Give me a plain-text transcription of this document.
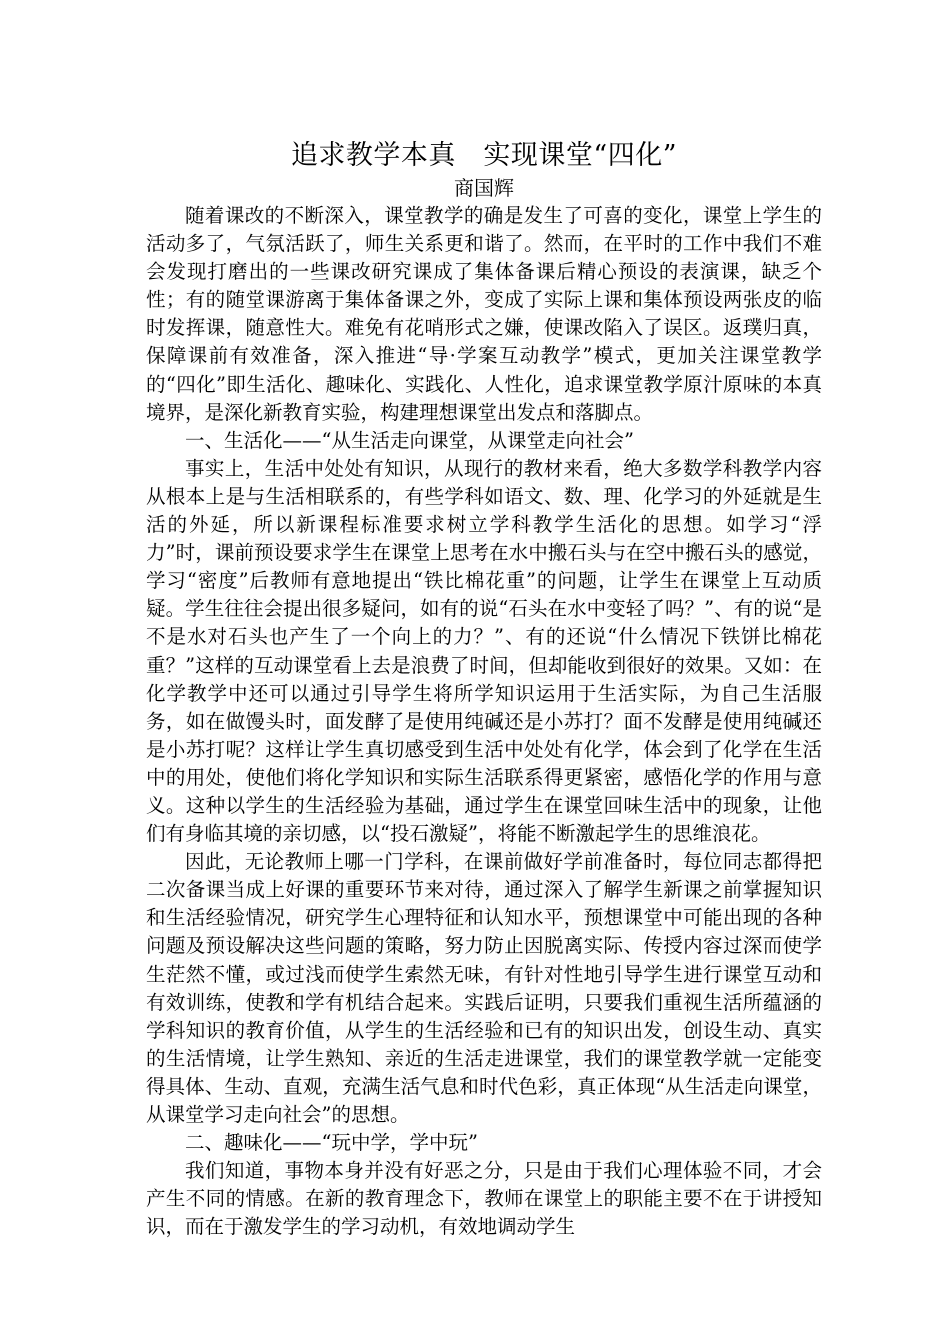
追求教学本真　实现课堂“四化”

商国辉

随着课改的不断深入，课堂教学的确是发生了可喜的变化，课堂上学生的活动多了，气氛活跃了，师生关系更和谐了。然而，在平时的工作中我们不难会发现打磨出的一些课改研究课成了集体备课后精心预设的表演课，缺乏个性；有的随堂课游离于集体备课之外，变成了实际上课和集体预设两张皮的临时发挥课，随意性大。难免有花哨形式之嫌，使课改陷入了误区。返璞归真，保障课前有效准备，深入推进“导·学案互动教学”模式，更加关注课堂教学的“四化”即生活化、趣味化、实践化、人性化，追求课堂教学原汁原味的本真境界，是深化新教育实验，构建理想课堂出发点和落脚点。

一、生活化——“从生活走向课堂，从课堂走向社会”

事实上，生活中处处有知识，从现行的教材来看，绝大多数学科教学内容从根本上是与生活相联系的，有些学科如语文、数、理、化学习的外延就是生活的外延，所以新课程标准要求树立学科教学生活化的思想。如学习“浮力”时，课前预设要求学生在课堂上思考在水中搬石头与在空中搬石头的感觉，学习“密度”后教师有意地提出“铁比棉花重”的问题，让学生在课堂上互动质疑。学生往往会提出很多疑问，如有的说“石头在水中变轻了吗？”、有的说“是不是水对石头也产生了一个向上的力？”、有的还说“什么情况下铁饼比棉花重？”这样的互动课堂看上去是浪费了时间，但却能收到很好的效果。又如：在化学教学中还可以通过引导学生将所学知识运用于生活实际，为自己生活服务，如在做馒头时，面发酵了是使用纯碱还是小苏打？面不发酵是使用纯碱还是小苏打呢？这样让学生真切感受到生活中处处有化学，体会到了化学在生活中的用处，使他们将化学知识和实际生活联系得更紧密，感悟化学的作用与意义。这种以学生的生活经验为基础，通过学生在课堂回味生活中的现象，让他们有身临其境的亲切感，以“投石激疑”，将能不断激起学生的思维浪花。

因此，无论教师上哪一门学科，在课前做好学前准备时，每位同志都得把二次备课当成上好课的重要环节来对待，通过深入了解学生新课之前掌握知识和生活经验情况，研究学生心理特征和认知水平，预想课堂中可能出现的各种问题及预设解决这些问题的策略，努力防止因脱离实际、传授内容过深而使学生茫然不懂，或过浅而使学生索然无味，有针对性地引导学生进行课堂互动和有效训练，使教和学有机结合起来。实践后证明，只要我们重视生活所蕴涵的学科知识的教育价值，从学生的生活经验和已有的知识出发，创设生动、真实的生活情境，让学生熟知、亲近的生活走进课堂，我们的课堂教学就一定能变得具体、生动、直观，充满生活气息和时代色彩，真正体现“从生活走向课堂，从课堂学习走向社会”的思想。

二、趣味化——“玩中学，学中玩”

我们知道，事物本身并没有好恶之分，只是由于我们心理体验不同，才会产生不同的情感。在新的教育理念下，教师在课堂上的职能主要不在于讲授知识，而在于激发学生的学习动机，有效地调动学生
